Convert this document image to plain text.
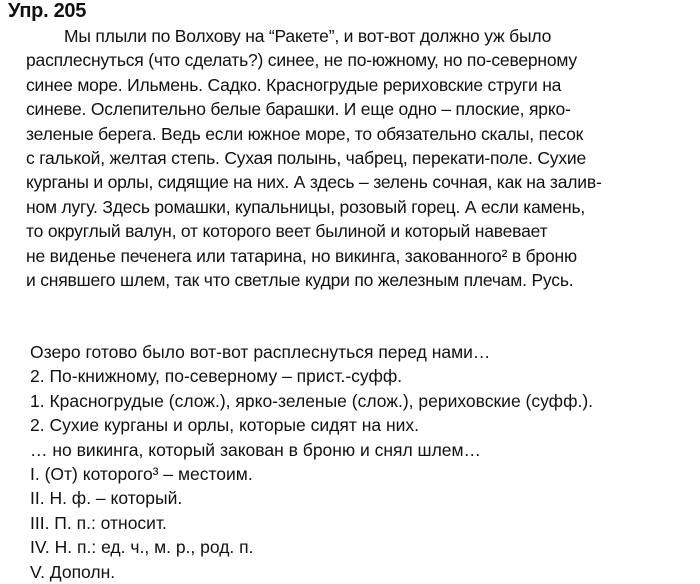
Упр. 205
Мы плыли по Волхову на “Ракете”, и вот-вот должно уж было
расплеснуться (что сделать?) синее, не по-южному, но по-северному
синее море. Ильмень. Садко. Красногрудые рериховские струги на
синеве. Ослепительно белые барашки. И еще одно – плоские, ярко-
зеленые берега. Ведь если южное море, то обязательно скалы, песок
с галькой, желтая степь. Сухая полынь, чабрец, перекати-поле. Сухие
курганы и орлы, сидящие на них. А здесь – зелень сочная, как на залив-
ном лугу. Здесь ромашки, купальницы, розовый горец. А если камень,
то округлый валун, от которого веет былиной и который навевает
не виденье печенега или татарина, но викинга, закованного² в броню
и снявшего шлем, так что светлые кудри по железным плечам. Русь.
Озеро готово было вот-вот расплеснуться перед нами…
2. По-книжному, по-северному – прист.-суфф.
1. Красногрудые (слож.), ярко-зеленые (слож.), рериховские (суфф.).
2. Сухие курганы и орлы, которые сидят на них.
… но викинга, который закован в броню и снял шлем…
I. (От) которого³ – местоим.
II. Н. ф. – который.
III. П. п.: относит.
IV. Н. п.: ед. ч., м. р., род. п.
V. Дополн.
